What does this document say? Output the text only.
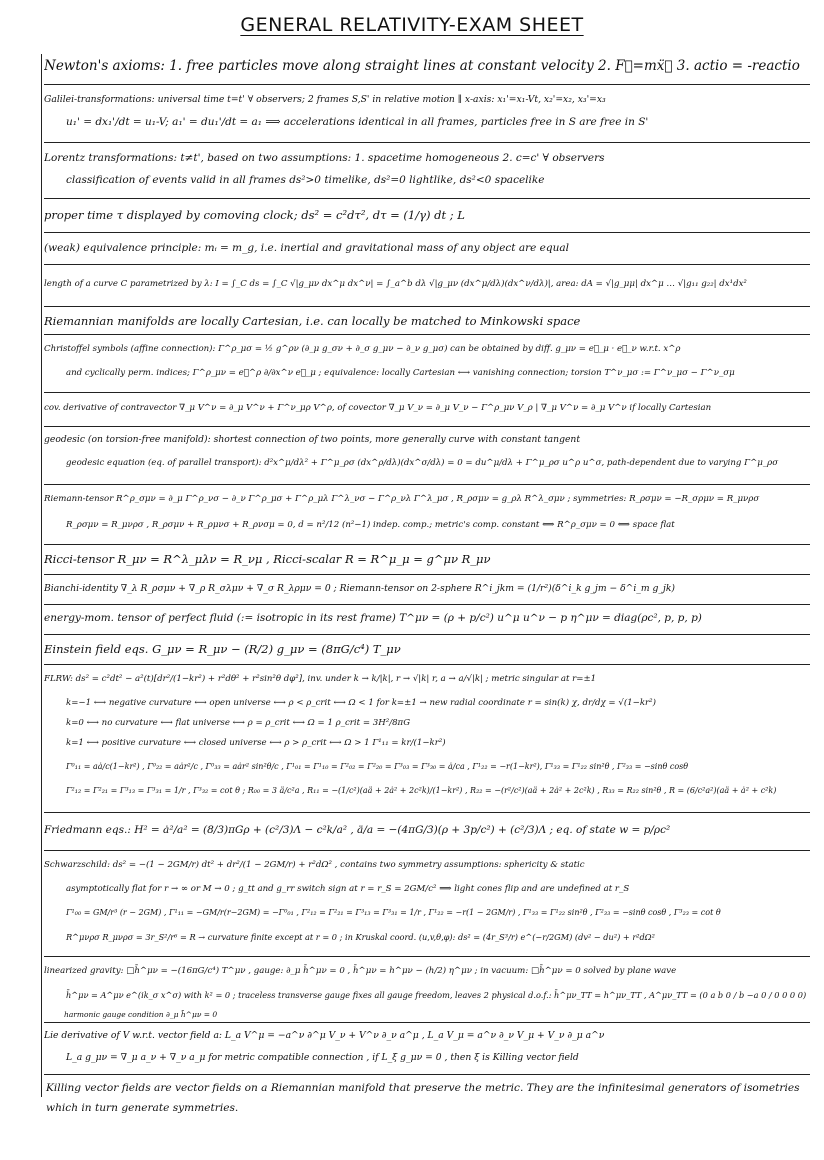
GENERAL RELATIVITY-EXAM SHEET
Newton's axioms: 1. free particles move along straight lines at constant velocity 2. F⃗=mẍ⃗ 3. actio = -reactio
Galilei-transformations: universal time t=t' ∀ observers; 2 frames S,S' in relative motion ∥ x-axis: x₁'=x₁-Vt, x₂'=x₂, x₃'=x₃
u₁' = dx₁'/dt = u₁-V; a₁' = du₁'/dt = a₁ ⟹ accelerations identical in all frames, particles free in S are free in S'
Lorentz transformations: t≠t', based on two assumptions: 1. spacetime homogeneous 2. c=c' ∀ observers
classification of events valid in all frames ds²>0 timelike, ds²=0 lightlike, ds²<0 spacelike
proper time τ displayed by comoving clock; ds² = c²dτ², dτ = (1/γ) dt ; L
(weak) equivalence principle: mᵢ = m_g, i.e. inertial and gravitational mass of any object are equal
length of a curve C parametrized by λ: I = ∫_C ds = ∫_C √|g_μν dx^μ dx^ν| = ∫_a^b dλ √|g_μν (dx^μ/dλ)(dx^ν/dλ)|, area: dA = √|g_μμ| dx^μ … √|g₁₁ g₂₂| dx¹dx²
Riemannian manifolds are locally Cartesian, i.e. can locally be matched to Minkowski space
Christoffel symbols (affine connection): Γ^ρ_μσ = ½ g^ρν (∂_μ g_σν + ∂_σ g_μν − ∂_ν g_μσ) can be obtained by diff. g_μν = e⃗_μ · e⃗_ν w.r.t. x^ρ
and cyclically perm. indices; Γ^ρ_μν = e⃗^ρ ∂/∂x^ν e⃗_μ ; equivalence: locally Cartesian ⟷ vanishing connection; torsion T^ν_μσ := Γ^ν_μσ − Γ^ν_σμ
cov. derivative of contravector ∇_μ V^ν = ∂_μ V^ν + Γ^ν_μρ V^ρ, of covector ∇_μ V_ν = ∂_μ V_ν − Γ^ρ_μν V_ρ | ∇_μ V^ν = ∂_μ V^ν if locally Cartesian
geodesic (on torsion-free manifold): shortest connection of two points, more generally curve with constant tangent
geodesic equation (eq. of parallel transport): d²x^μ/dλ² + Γ^μ_ρσ (dx^ρ/dλ)(dx^σ/dλ) = 0 = du^μ/dλ + Γ^μ_ρσ u^ρ u^σ, path-dependent due to varying Γ^μ_ρσ
Riemann-tensor R^ρ_σμν = ∂_μ Γ^ρ_νσ − ∂_ν Γ^ρ_μσ + Γ^ρ_μλ Γ^λ_νσ − Γ^ρ_νλ Γ^λ_μσ , R_ρσμν = g_ρλ R^λ_σμν ; symmetries: R_ρσμν = −R_σρμν = R_μνρσ
R_ρσμν = R_μνρσ , R_ρσμν + R_ρμνσ + R_ρνσμ = 0, d = n²/12 (n²−1) indep. comp.; metric's comp. constant ⟺ R^ρ_σμν = 0 ⟺ space flat
Ricci-tensor R_μν = R^λ_μλν = R_νμ , Ricci-scalar R = R^μ_μ = g^μν R_μν
Bianchi-identity ∇_λ R_ρσμν + ∇_ρ R_σλμν + ∇_σ R_λρμν = 0 ; Riemann-tensor on 2-sphere R^i_jkm = (1/r²)(δ^i_k g_jm − δ^i_m g_jk)
energy-mom. tensor of perfect fluid (:= isotropic in its rest frame) T^μν = (ρ + p/c²) u^μ u^ν − p η^μν = diag(ρc², p, p, p)
Einstein field eqs. G_μν = R_μν − (R/2) g_μν = (8πG/c⁴) T_μν
FLRW: ds² = c²dt² − a²(t)[dr²/(1−kr²) + r²dθ² + r²sin²θ dφ²], inv. under k → k/|k|, r → √|k| r, a → a/√|k| ; metric singular at r=±1
k=−1 ⟷ negative curvature ⟷ open universe ⟷ ρ < ρ_crit ⟷ Ω < 1 for k=±1 → new radial coordinate r = sin(k) χ, dr/dχ = √(1−kr²)
k=0 ⟷ no curvature ⟷ flat universe ⟷ ρ = ρ_crit ⟷ Ω = 1 ρ_crit = 3H²/8πG
k=1 ⟷ positive curvature ⟷ closed universe ⟷ ρ > ρ_crit ⟷ Ω > 1 Γ¹₁₁ = kr/(1−kr²)
Γ⁰₁₁ = aȧ/c(1−kr²) , Γ⁰₂₂ = aȧr²/c , Γ⁰₃₃ = aȧr² sin²θ/c , Γ¹₀₁ = Γ¹₁₀ = Γ²₀₂ = Γ²₂₀ = Γ³₀₃ = Γ³₃₀ = ȧ/ca , Γ¹₂₂ = −r(1−kr²), Γ¹₃₃ = Γ¹₂₂ sin²θ , Γ²₃₃ = −sinθ cosθ
Γ²₁₂ = Γ²₂₁ = Γ³₁₃ = Γ³₃₁ = 1/r , Γ³₃₂ = cot θ ; R₀₀ = 3 ä/c²a , R₁₁ = −(1/c²)(aä + 2ȧ² + 2c²k)/(1−kr²) , R₂₂ = −(r²/c²)(aä + 2ȧ² + 2c²k) , R₃₃ = R₂₂ sin²θ , R = (6/c²a²)(aä + ȧ² + c²k)
Friedmann eqs.: H² = ȧ²/a² = (8/3)πGρ + (c²/3)Λ − c²k/a² , ä/a = −(4πG/3)(ρ + 3p/c²) + (c²/3)Λ ; eq. of state w = p/ρc²
Schwarzschild: ds² = −(1 − 2GM/r) dt² + dr²/(1 − 2GM/r) + r²dΩ² , contains two symmetry assumptions: sphericity & static
asymptotically flat for r → ∞ or M → 0 ; g_tt and g_rr switch sign at r = r_S = 2GM/c² ⟹ light cones flip and are undefined at r_S
Γ¹₀₀ = GM/r³ (r − 2GM) , Γ¹₁₁ = −GM/r(r−2GM) = −Γ⁰₀₁ , Γ²₁₂ = Γ²₂₁ = Γ³₁₃ = Γ³₃₁ = 1/r , Γ¹₂₂ = −r(1 − 2GM/r) , Γ¹₃₃ = Γ¹₂₂ sin²θ , Γ²₃₃ = −sinθ cosθ , Γ³₂₃ = cot θ
R^μνρσ R_μνρσ = 3r_S²/r⁶ = R → curvature finite except at r = 0 ; in Kruskal coord. (u,v,θ,φ): ds² = (4r_S³/r) e^(−r/2GM) (dv² − du²) + r²dΩ²
linearized gravity: □h̄^μν = −(16πG/c⁴) T^μν , gauge: ∂_μ h̄^μν = 0 , h̄^μν = h^μν − (h/2) η^μν ; in vacuum: □h̄^μν = 0 solved by plane wave
h̄^μν = A^μν e^(ik_σ x^σ) with k² = 0 ; traceless transverse gauge fixes all gauge freedom, leaves 2 physical d.o.f.: h̄^μν_TT = h^μν_TT , A^μν_TT = (0 a b 0 / b −a 0 / 0 0 0 0)
harmonic gauge condition ∂_μ h̄^μν = 0
Lie derivative of V w.r.t. vector field a: L_a V^μ = −a^ν ∂^μ V_ν + V^ν ∂_ν a^μ , L_a V_μ = a^ν ∂_ν V_μ + V_ν ∂_μ a^ν
L_a g_μν = ∇_μ a_ν + ∇_ν a_μ for metric compatible connection , if L_ξ g_μν = 0 , then ξ is Killing vector field
Killing vector fields are vector fields on a Riemannian manifold that preserve the metric. They are the infinitesimal generators of isometries which in turn generate symmetries.
